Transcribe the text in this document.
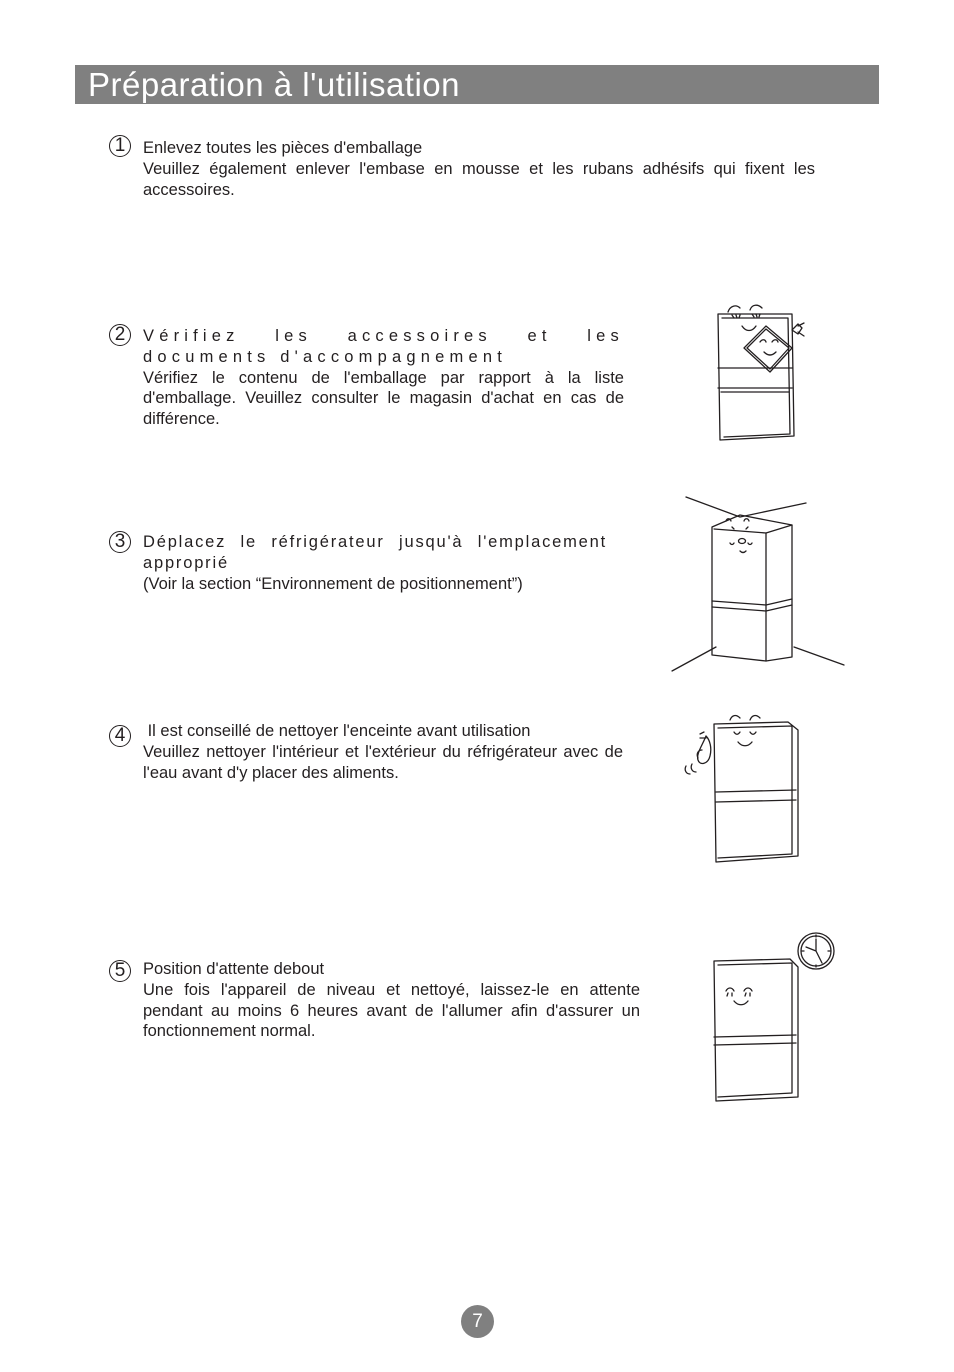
Préparation à l'utilisation
1	Enlevez toutes les pièces d'emballage

Veuillez également enlever l'embase en mousse et les rubans adhésifs qui fixent les accessoires.

2	Vérifiez les accessoires et les documents d'accompagnement

Vérifiez le contenu de l'emballage par rapport à la liste d'emballage. Veuillez consulter le magasin d'achat en cas de différence.

3	Déplacez le réfrigérateur jusqu'à l'emplacement approprié

(Voir la section “Environnement de positionnement”)

4	Il est conseillé de nettoyer l'enceinte avant utilisation

Veuillez nettoyer l'intérieur et l'extérieur du réfrigérateur avec de l'eau avant d'y placer des aliments.

5	Position d'attente debout

Une fois l'appareil de niveau et nettoyé, laissez-le en attente pendant au moins 6 heures avant de l'allumer afin d'assurer un fonctionnement normal.

7
